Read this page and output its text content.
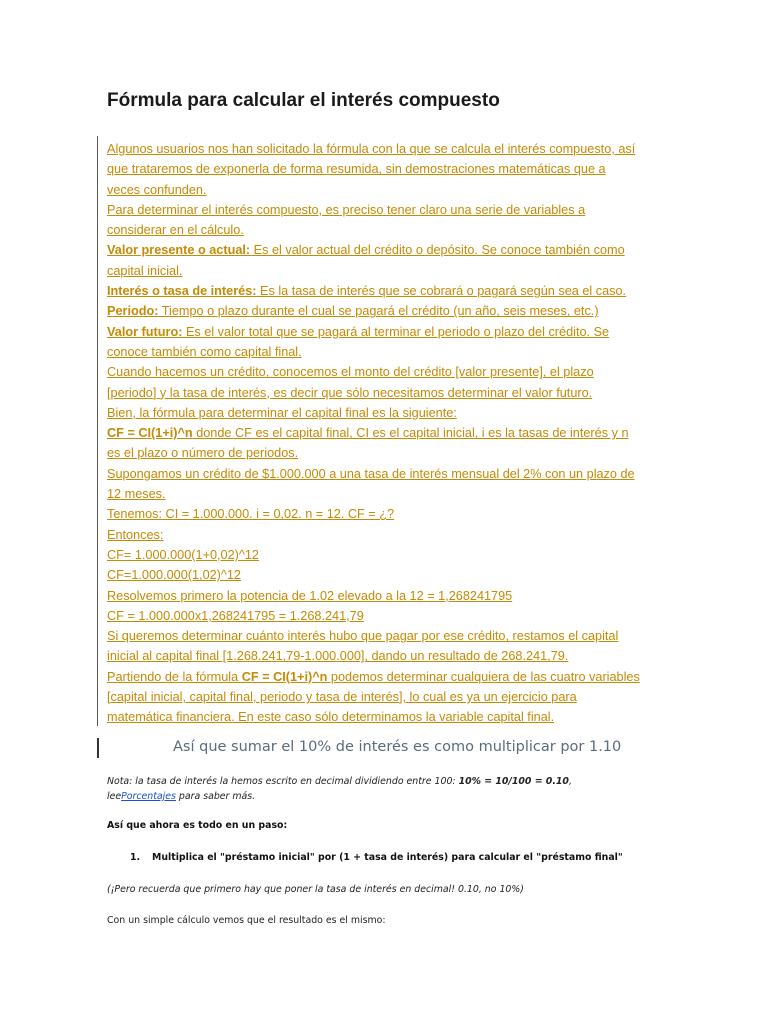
Fórmula para calcular el interés compuesto
Algunos usuarios nos han solicitado la fórmula con la que se calcula el interés compuesto, así
que trataremos de exponerla de forma resumida, sin demostraciones matemáticas que a
veces confunden.
Para determinar el interés compuesto, es preciso tener claro una serie de variables a
considerar en el cálculo.
Valor presente o actual: Es el valor actual del crédito o depósito. Se conoce también como
capital inicial.
Interés o tasa de interés: Es la tasa de interés que se cobrará o pagará según sea el caso.
Periodo: Tiempo o plazo durante el cual se pagará el crédito (un año, seis meses, etc.)
Valor futuro: Es el valor total que se pagará al terminar el periodo o plazo del crédito. Se
conoce también como capital final.
Cuando hacemos un crédito, conocemos el monto del crédito [valor presente], el plazo
[periodo] y la tasa de interés, es decir que sólo necesitamos determinar el valor futuro.
Bien, la fórmula para determinar el capital final es la siguiente:
CF = CI(1+i)^n donde CF es el capital final, CI es el capital inicial, i es la tasas de interés y n
es el plazo o número de periodos.
Supongamos un crédito de $1.000.000 a una tasa de interés mensual del 2% con un plazo de
12 meses.
Tenemos: CI = 1.000.000. i = 0,02. n = 12. CF = ¿?
Entonces:
CF= 1.000.000(1+0,02)^12
CF=1.000.000(1,02)^12
Resolvemos primero la potencia de 1.02 elevado a la 12 = 1,268241795
CF = 1.000.000x1,268241795 = 1.268.241,79
Si queremos determinar cuánto interés hubo que pagar por ese crédito, restamos el capital
inicial al capital final [1.268.241,79-1.000.000], dando un resultado de 268.241,79.
Partiendo de la fórmula CF = CI(1+i)^n podemos determinar cualquiera de las cuatro variables
[capital inicial, capital final, periodo y tasa de interés], lo cual es ya un ejercicio para
matemática financiera. En este caso sólo determinamos la variable capital final.
Así que sumar el 10% de interés es como multiplicar por 1.10
Nota: la tasa de interés la hemos escrito en decimal dividiendo entre 100: 10% = 10/100 = 0.10,
leePorcentajes para saber más.
Así que ahora es todo en un paso:
1. Multiplica el "préstamo inicial" por (1 + tasa de interés) para calcular el "préstamo final"
(¡Pero recuerda que primero hay que poner la tasa de interés en decimal! 0.10, no 10%)
Con un simple cálculo vemos que el resultado es el mismo:
